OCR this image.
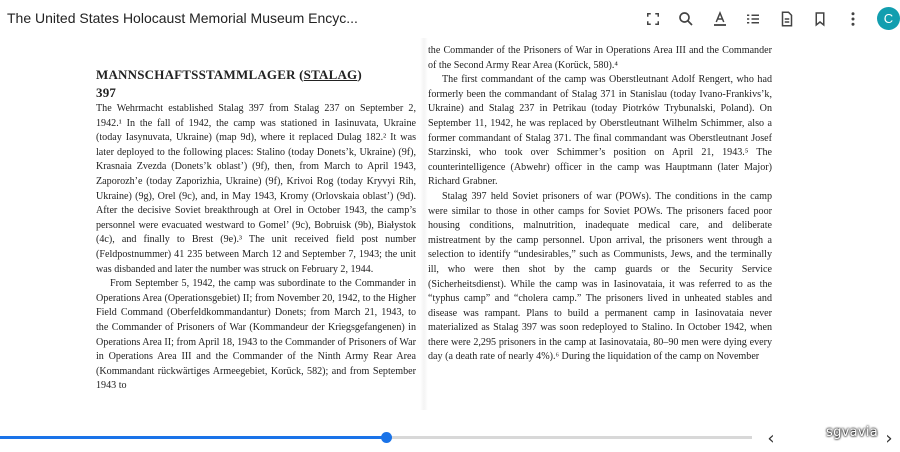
The United States Holocaust Memorial Museum Encyc...	C

MANNSCHAFTSSTAMMLAGER (STALAG)

397

The Wehrmacht established Stalag 397 from Stalag 237 on September 2, 1942.¹ In the fall of 1942, the camp was stationed in Iasinuvata, Ukraine (today Iasynuvata, Ukraine) (map 9d), where it replaced Dulag 182.² It was later deployed to the following places: Stalino (today Donets’k, Ukraine) (9f), Krasnaia Zvezda (Donets’k oblast’) (9f), then, from March to April 1943, Zaporozh’e (today Zaporizhia, Ukraine) (9f), Krivoi Rog (today Kryvyi Rih, Ukraine) (9g), Orel (9c), and, in May 1943, Kromy (Orlovskaia oblast’) (9d). After the decisive Soviet breakthrough at Orel in October 1943, the camp’s personnel were evacuated westward to Gomel’ (9c), Bobruisk (9b), Białystok (4c), and finally to Brest (9e).³ The unit received field post number (Feldpostnummer) 41 235 between March 12 and September 7, 1943; the unit was disbanded and later the number was struck on February 2, 1944.

From September 5, 1942, the camp was subordinate to the Commander in Operations Area (Operationsgebiet) II; from November 20, 1942, to the Higher Field Command (Oberfeldkommandantur) Donets; from March 21, 1943, to the Commander of Prisoners of War (Kommandeur der Kriegsgefangenen) in Operations Area II; from April 18, 1943 to the Commander of Prisoners of War in Operations Area III and the Commander of the Ninth Army Rear Area (Kommandant rückwärtiges Armeegebiet, Korück, 582); and from September 1943 to

the Commander of the Prisoners of War in Operations Area III and the Commander of the Second Army Rear Area (Korück, 580).⁴

The first commandant of the camp was Oberstleutnant Adolf Rengert, who had formerly been the commandant of Stalag 371 in Stanislau (today Ivano-Frankivs’k, Ukraine) and Stalag 237 in Petrikau (today Piotrków Trybunalski, Poland). On September 11, 1942, he was replaced by Oberstleutnant Wilhelm Schimmer, also a former commandant of Stalag 371. The final commandant was Oberstleutnant Josef Starzinski, who took over Schimmer’s position on April 21, 1943.⁵ The counterintelligence (Abwehr) officer in the camp was Hauptmann (later Major) Richard Grabner.

Stalag 397 held Soviet prisoners of war (POWs). The conditions in the camp were similar to those in other camps for Soviet POWs. The prisoners faced poor housing conditions, malnutrition, inadequate medical care, and deliberate mistreatment by the camp personnel. Upon arrival, the prisoners went through a selection to identify “undesirables,” such as Communists, Jews, and the terminally ill, who were then shot by the camp guards or the Security Service (Sicherheitsdienst). While the camp was in Iasinovataia, it was referred to as the “typhus camp” and “cholera camp.” The prisoners lived in unheated stables and disease was rampant. Plans to build a permanent camp in Iasinovataia never materialized as Stalag 397 was soon redeployed to Stalino. In October 1942, when there were 2,295 prisoners in the camp at Iasinovataia, 80–90 men were dying every day (a death rate of nearly 4%).⁶ During the liquidation of the camp on November

‹	›
sgvavia
